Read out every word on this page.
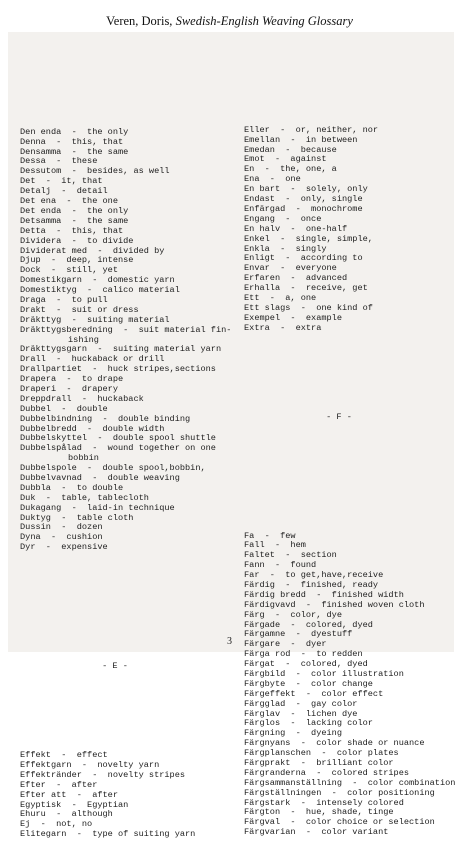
Veren, Doris, Swedish-English Weaving Glossary

Den enda  -  the only
Denna  -  this, that
Densamma  -  the same
Dessa  -  these
Dessutom  -  besides, as well
Det  -  it, that
Detalj  -  detail
Det ena  -  the one
Det enda  -  the only
Detsamma  -  the same
Detta  -  this, that
Dividera  -  to divide
Dividerat med  -  divided by
Djup  -  deep, intense
Dock  -  still, yet
Domestikgarn  -  domestic yarn
Domestiktyg  -  calico material
Draga  -  to pull
Drakt  -  suit or dress
Dräkttyg  -  suiting material
Dräkttygsberedning  -  suit material fin-
ishing
Dräkttygsgarn  -  suiting material yarn
Drall  -  huckaback or drill
Drallpartiet  -  huck stripes,sections
Drapera  -  to drape
Draperi  -  drapery
Dreppdrall  -  huckaback
Dubbel  -  double
Dubbelbindning  -  double binding
Dubbelbredd  -  double width
Dubbelskyttel  -  double spool shuttle
Dubbelspålad  -  wound together on one
bobbin
Dubbelspole  -  double spool,bobbin,
Dubbelvavnad  -  double weaving
Dubbla  -  to double
Duk  -  table, tablecloth
Dukagang  -  laid-in technique
Duktyg  -  table cloth
Dussin  -  dozen
Dyna  -  cushion
Dyr  -  expensive

- E -

Effekt  -  effect
Effektgarn  -  novelty yarn
Effektränder  -  novelty stripes
Efter  -  after
Efter att  -  after
Egyptisk  -  Egyptian
Ehuru  -  although
Ej  -  not, no
Elitegarn  -  type of suiting yarn

Eller  -  or, neither, nor
Emellan  -  in between
Emedan  -  because
Emot  -  against
En  -  the, one, a
Ena  -  one
En bart  -  solely, only
Endast  -  only, single
Enfärgad  -  monochrome
Engang  -  once
En halv  -  one-half
Enkel  -  single, simple,
Enkla  -  singly
Enligt  -  according to
Envar  -  everyone
Erfaren  -  advanced
Erhalla  -  receive, get
Ett  -  a, one
Ett slags  -  one kind of
Exempel  -  example
Extra  -  extra

- F -

Fa  -  few
Fall  -  hem
Faltet  -  section
Fann  -  found
Far  -  to get,have,receive
Färdig  -  finished, ready
Färdig bredd  -  finished width
Färdigvavd  -  finished woven cloth
Färg  -  color, dye
Färgade  -  colored, dyed
Färgamne  -  dyestuff
Färgare  -  dyer
Färga rod  -  to redden
Färgat  -  colored, dyed
Färgbild  -  color illustration
Färgbyte  -  color change
Färgeffekt  -  color effect
Färgglad  -  gay color
Färglav  -  lichen dye
Färglos  -  lacking color
Färgning  -  dyeing
Färgnyans  -  color shade or nuance
Färgplanschen  -  color plates
Färgprakt  -  brilliant color
Färgranderna  -  colored stripes
Färgsammanställning  -  color combination
Färgställningen  -  color positioning
Färgstark  -  intensely colored
Färgton  -  hue, shade, tinge
Färgval  -  color choice or selection
Färgvarian  -  color variant

3
